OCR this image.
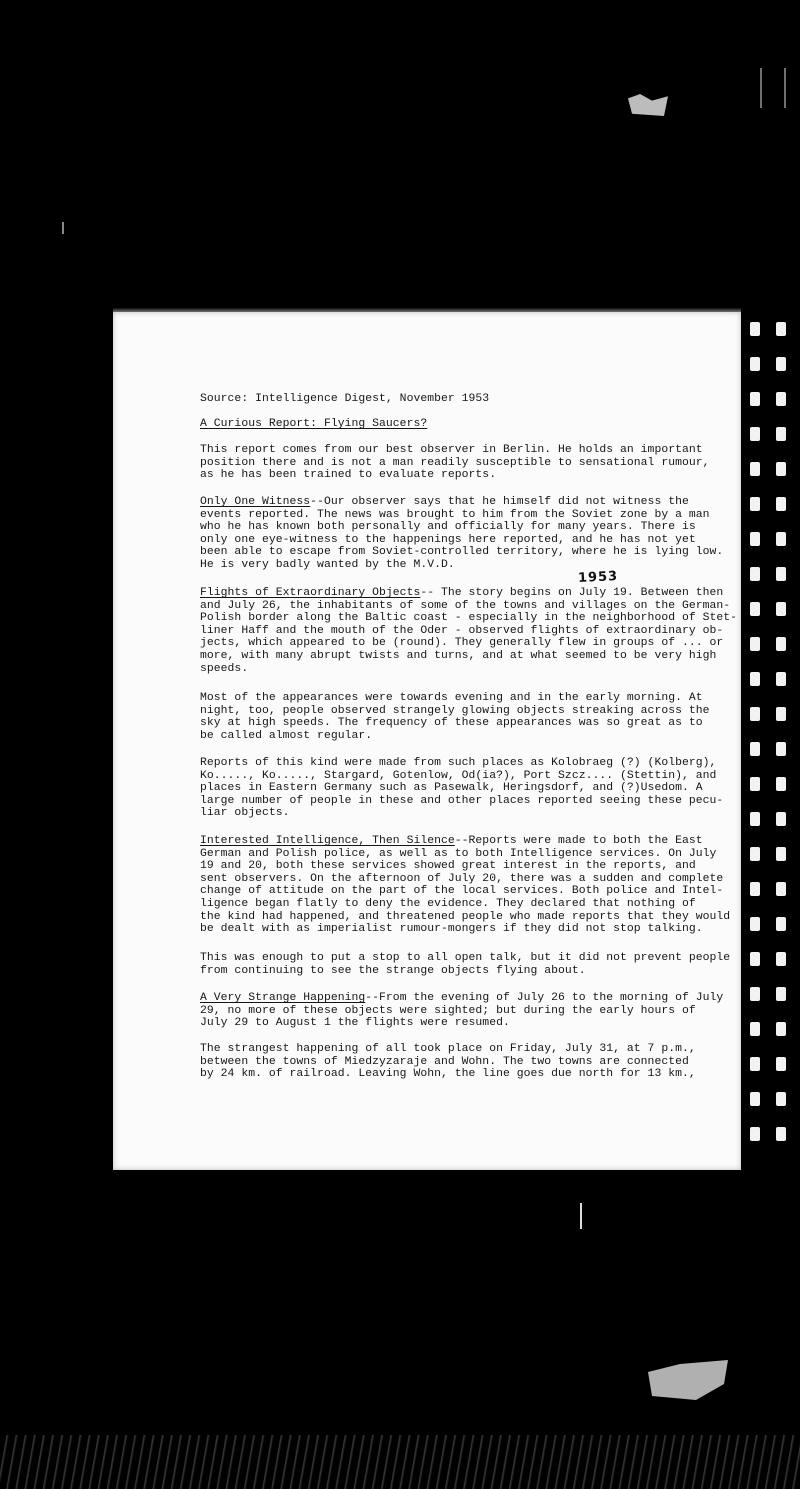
Source: Intelligence Digest, November 1953
A Curious Report: Flying Saucers?
1953
This report comes from our best observer in Berlin. He holds an important
position there and is not a man readily susceptible to sensational rumour,
as he has been trained to evaluate reports.
Only One Witness--Our observer says that he himself did not witness the
events reported. The news was brought to him from the Soviet zone by a man
who he has known both personally and officially for many years. There is
only one eye-witness to the happenings here reported, and he has not yet
been able to escape from Soviet-controlled territory, where he is lying low.
He is very badly wanted by the M.V.D.
Flights of Extraordinary Objects-- The story begins on July 19. Between then
and July 26, the inhabitants of some of the towns and villages on the German-
Polish border along the Baltic coast - especially in the neighborhood of Stet-
liner Haff and the mouth of the Oder - observed flights of extraordinary ob-
jects, which appeared to be (round). They generally flew in groups of ... or
more, with many abrupt twists and turns, and at what seemed to be very high
speeds.
Most of the appearances were towards evening and in the early morning. At
night, too, people observed strangely glowing objects streaking across the
sky at high speeds. The frequency of these appearances was so great as to
be called almost regular.
Reports of this kind were made from such places as Kolobraeg (?) (Kolberg),
Ko....., Ko....., Stargard, Gotenlow, Od(ia?), Port Szcz.... (Stettin), and
places in Eastern Germany such as Pasewalk, Heringsdorf, and (?)Usedom. A
large number of people in these and other places reported seeing these pecu-
liar objects.
Interested Intelligence, Then Silence--Reports were made to both the East
German and Polish police, as well as to both Intelligence services. On July
19 and 20, both these services showed great interest in the reports, and
sent observers. On the afternoon of July 20, there was a sudden and complete
change of attitude on the part of the local services. Both police and Intel-
ligence began flatly to deny the evidence. They declared that nothing of
the kind had happened, and threatened people who made reports that they would
be dealt with as imperialist rumour-mongers if they did not stop talking.
This was enough to put a stop to all open talk, but it did not prevent people
from continuing to see the strange objects flying about.
A Very Strange Happening--From the evening of July 26 to the morning of July
29, no more of these objects were sighted; but during the early hours of
July 29 to August 1 the flights were resumed.
The strangest happening of all took place on Friday, July 31, at 7 p.m.,
between the towns of Miedzyzaraje and Wohn. The two towns are connected
by 24 km. of railroad. Leaving Wohn, the line goes due north for 13 km.,
